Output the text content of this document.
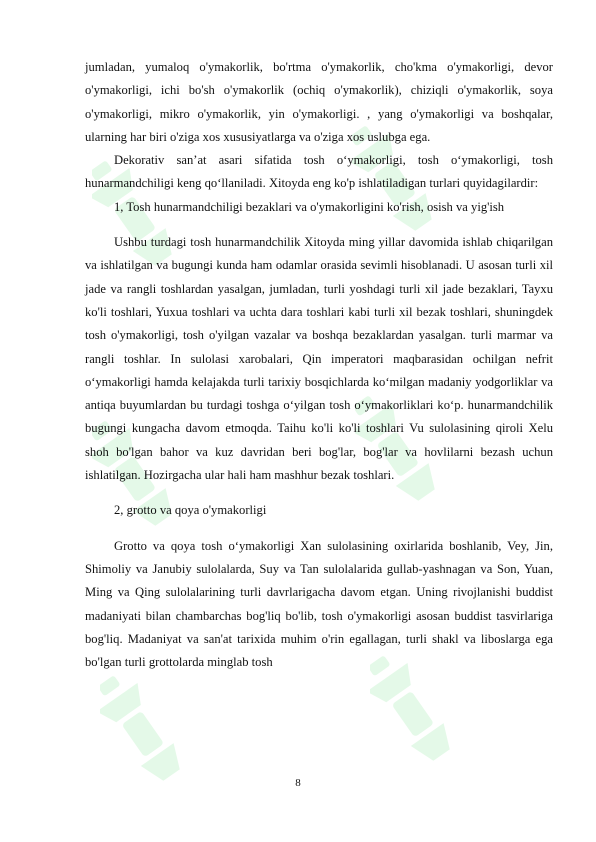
jumladan, yumaloq o'ymakorlik, bo'rtma o'ymakorlik, cho'kma o'ymakorligi, devor o'ymakorligi, ichi bo'sh o'ymakorlik (ochiq o'ymakorlik), chiziqli o'ymakorlik, soya o'ymakorligi, mikro o'ymakorlik, yin o'ymakorligi. , yang o'ymakorligi va boshqalar, ularning har biri o'ziga xos xususiyatlarga va o'ziga xos uslubga ega.

Dekorativ san’at asari sifatida tosh o‘ymakorligi, tosh o‘ymakorligi, tosh hunarmandchiligi keng qo‘llaniladi. Xitoyda eng ko'p ishlatiladigan turlari quyidagilardir:

1, Tosh hunarmandchiligi bezaklari va o'ymakorligini ko'rish, osish va yig'ish

Ushbu turdagi tosh hunarmandchilik Xitoyda ming yillar davomida ishlab chiqarilgan va ishlatilgan va bugungi kunda ham odamlar orasida sevimli hisoblanadi. U asosan turli xil jade va rangli toshlardan yasalgan, jumladan, turli yoshdagi turli xil jade bezaklari, Tayxu ko'li toshlari, Yuxua toshlari va uchta dara toshlari kabi turli xil bezak toshlari, shuningdek tosh o'ymakorligi, tosh o'yilgan vazalar va boshqa bezaklardan yasalgan. turli marmar va rangli toshlar. In sulolasi xarobalari, Qin imperatori maqbarasidan ochilgan nefrit o‘ymakorligi hamda kelajakda turli tarixiy bosqichlarda ko‘milgan madaniy yodgorliklar va antiqa buyumlardan bu turdagi toshga o‘yilgan tosh o‘ymakorliklari ko‘p. hunarmandchilik bugungi kungacha davom etmoqda. Taihu ko'li ko'li toshlari Vu sulolasining qiroli Xelu shoh bo'lgan bahor va kuz davridan beri bog'lar, bog'lar va hovlilarni bezash uchun ishlatilgan. Hozirgacha ular hali ham mashhur bezak toshlari.

2, grotto va qoya o'ymakorligi

Grotto va qoya tosh o‘ymakorligi Xan sulolasining oxirlarida boshlanib, Vey, Jin, Shimoliy va Janubiy sulolalarda, Suy va Tan sulolalarida gullab-yashnagan va Son, Yuan, Ming va Qing sulolalarining turli davrlarigacha davom etgan. Uning rivojlanishi buddist madaniyati bilan chambarchas bog'liq bo'lib, tosh o'ymakorligi asosan buddist tasvirlariga bog'liq. Madaniyat va san'at tarixida muhim o'rin egallagan, turli shakl va liboslarga ega bo'lgan turli grottolarda minglab tosh

8
